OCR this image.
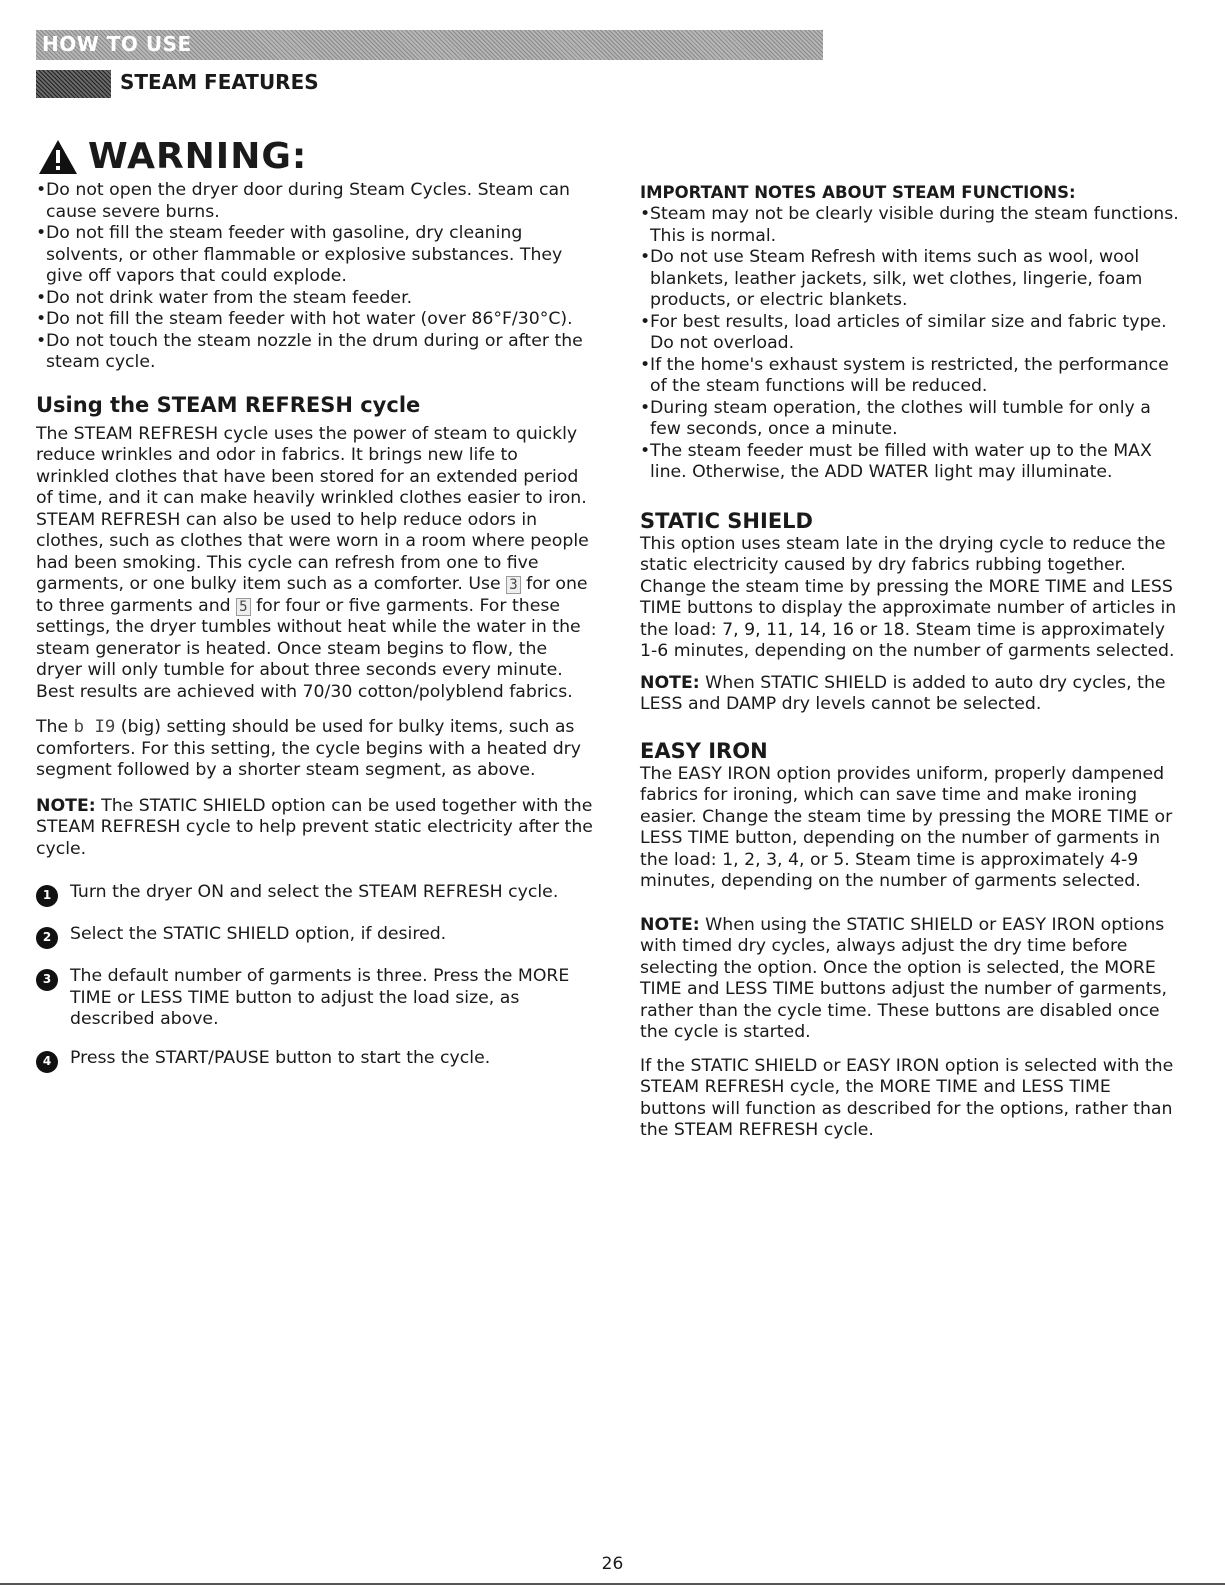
HOW TO USE
STEAM FEATURES
WARNING:
• Do not open the dryer door during Steam Cycles. Steam can cause severe burns.
• Do not fill the steam feeder with gasoline, dry cleaning solvents, or other flammable or explosive substances. They give off vapors that could explode.
• Do not drink water from the steam feeder.
• Do not fill the steam feeder with hot water (over 86°F/30°C).
• Do not touch the steam nozzle in the drum during or after the steam cycle.
Using the STEAM REFRESH cycle

The STEAM REFRESH cycle uses the power of steam to quickly reduce wrinkles and odor in fabrics. It brings new life to wrinkled clothes that have been stored for an extended period of time, and it can make heavily wrinkled clothes easier to iron. STEAM REFRESH can also be used to help reduce odors in clothes, such as clothes that were worn in a room where people had been smoking. This cycle can refresh from one to five garments, or one bulky item such as a comforter. Use 3 for one to three garments and 5 for four or five garments. For these settings, the dryer tumbles without heat while the water in the steam generator is heated. Once steam begins to flow, the dryer will only tumble for about three seconds every minute. Best results are achieved with 70/30 cotton/polyblend fabrics.

The b I9 (big) setting should be used for bulky items, such as comforters. For this setting, the cycle begins with a heated dry segment followed by a shorter steam segment, as above.

NOTE: The STATIC SHIELD option can be used together with the STEAM REFRESH cycle to help prevent static electricity after the cycle.

1	Turn the dryer ON and select the STEAM REFRESH cycle.
2	Select the STATIC SHIELD option, if desired.
3	The default number of garments is three. Press the MORE TIME or LESS TIME button to adjust the load size, as described above.
4	Press the START/PAUSE button to start the cycle.
IMPORTANT NOTES ABOUT STEAM FUNCTIONS:
• Steam may not be clearly visible during the steam functions. This is normal.
• Do not use Steam Refresh with items such as wool, wool blankets, leather jackets, silk, wet clothes, lingerie, foam products, or electric blankets.
• For best results, load articles of similar size and fabric type. Do not overload.
• If the home's exhaust system is restricted, the performance of the steam functions will be reduced.
• During steam operation, the clothes will tumble for only a few seconds, once a minute.
• The steam feeder must be filled with water up to the MAX line. Otherwise, the ADD WATER light may illuminate.
STATIC SHIELD

This option uses steam late in the drying cycle to reduce the static electricity caused by dry fabrics rubbing together. Change the steam time by pressing the MORE TIME and LESS TIME buttons to display the approximate number of articles in the load: 7, 9, 11, 14, 16 or 18. Steam time is approximately 1-6 minutes, depending on the number of garments selected.

NOTE: When STATIC SHIELD is added to auto dry cycles, the LESS and DAMP dry levels cannot be selected.

EASY IRON

The EASY IRON option provides uniform, properly dampened fabrics for ironing, which can save time and make ironing easier. Change the steam time by pressing the MORE TIME or LESS TIME button, depending on the number of garments in the load: 1, 2, 3, 4, or 5. Steam time is approximately 4-9 minutes, depending on the number of garments selected.

NOTE: When using the STATIC SHIELD or EASY IRON options with timed dry cycles, always adjust the dry time before selecting the option. Once the option is selected, the MORE TIME and LESS TIME buttons adjust the number of garments, rather than the cycle time. These buttons are disabled once the cycle is started.

If the STATIC SHIELD or EASY IRON option is selected with the STEAM REFRESH cycle, the MORE TIME and LESS TIME buttons will function as described for the options, rather than the STEAM REFRESH cycle.

26
